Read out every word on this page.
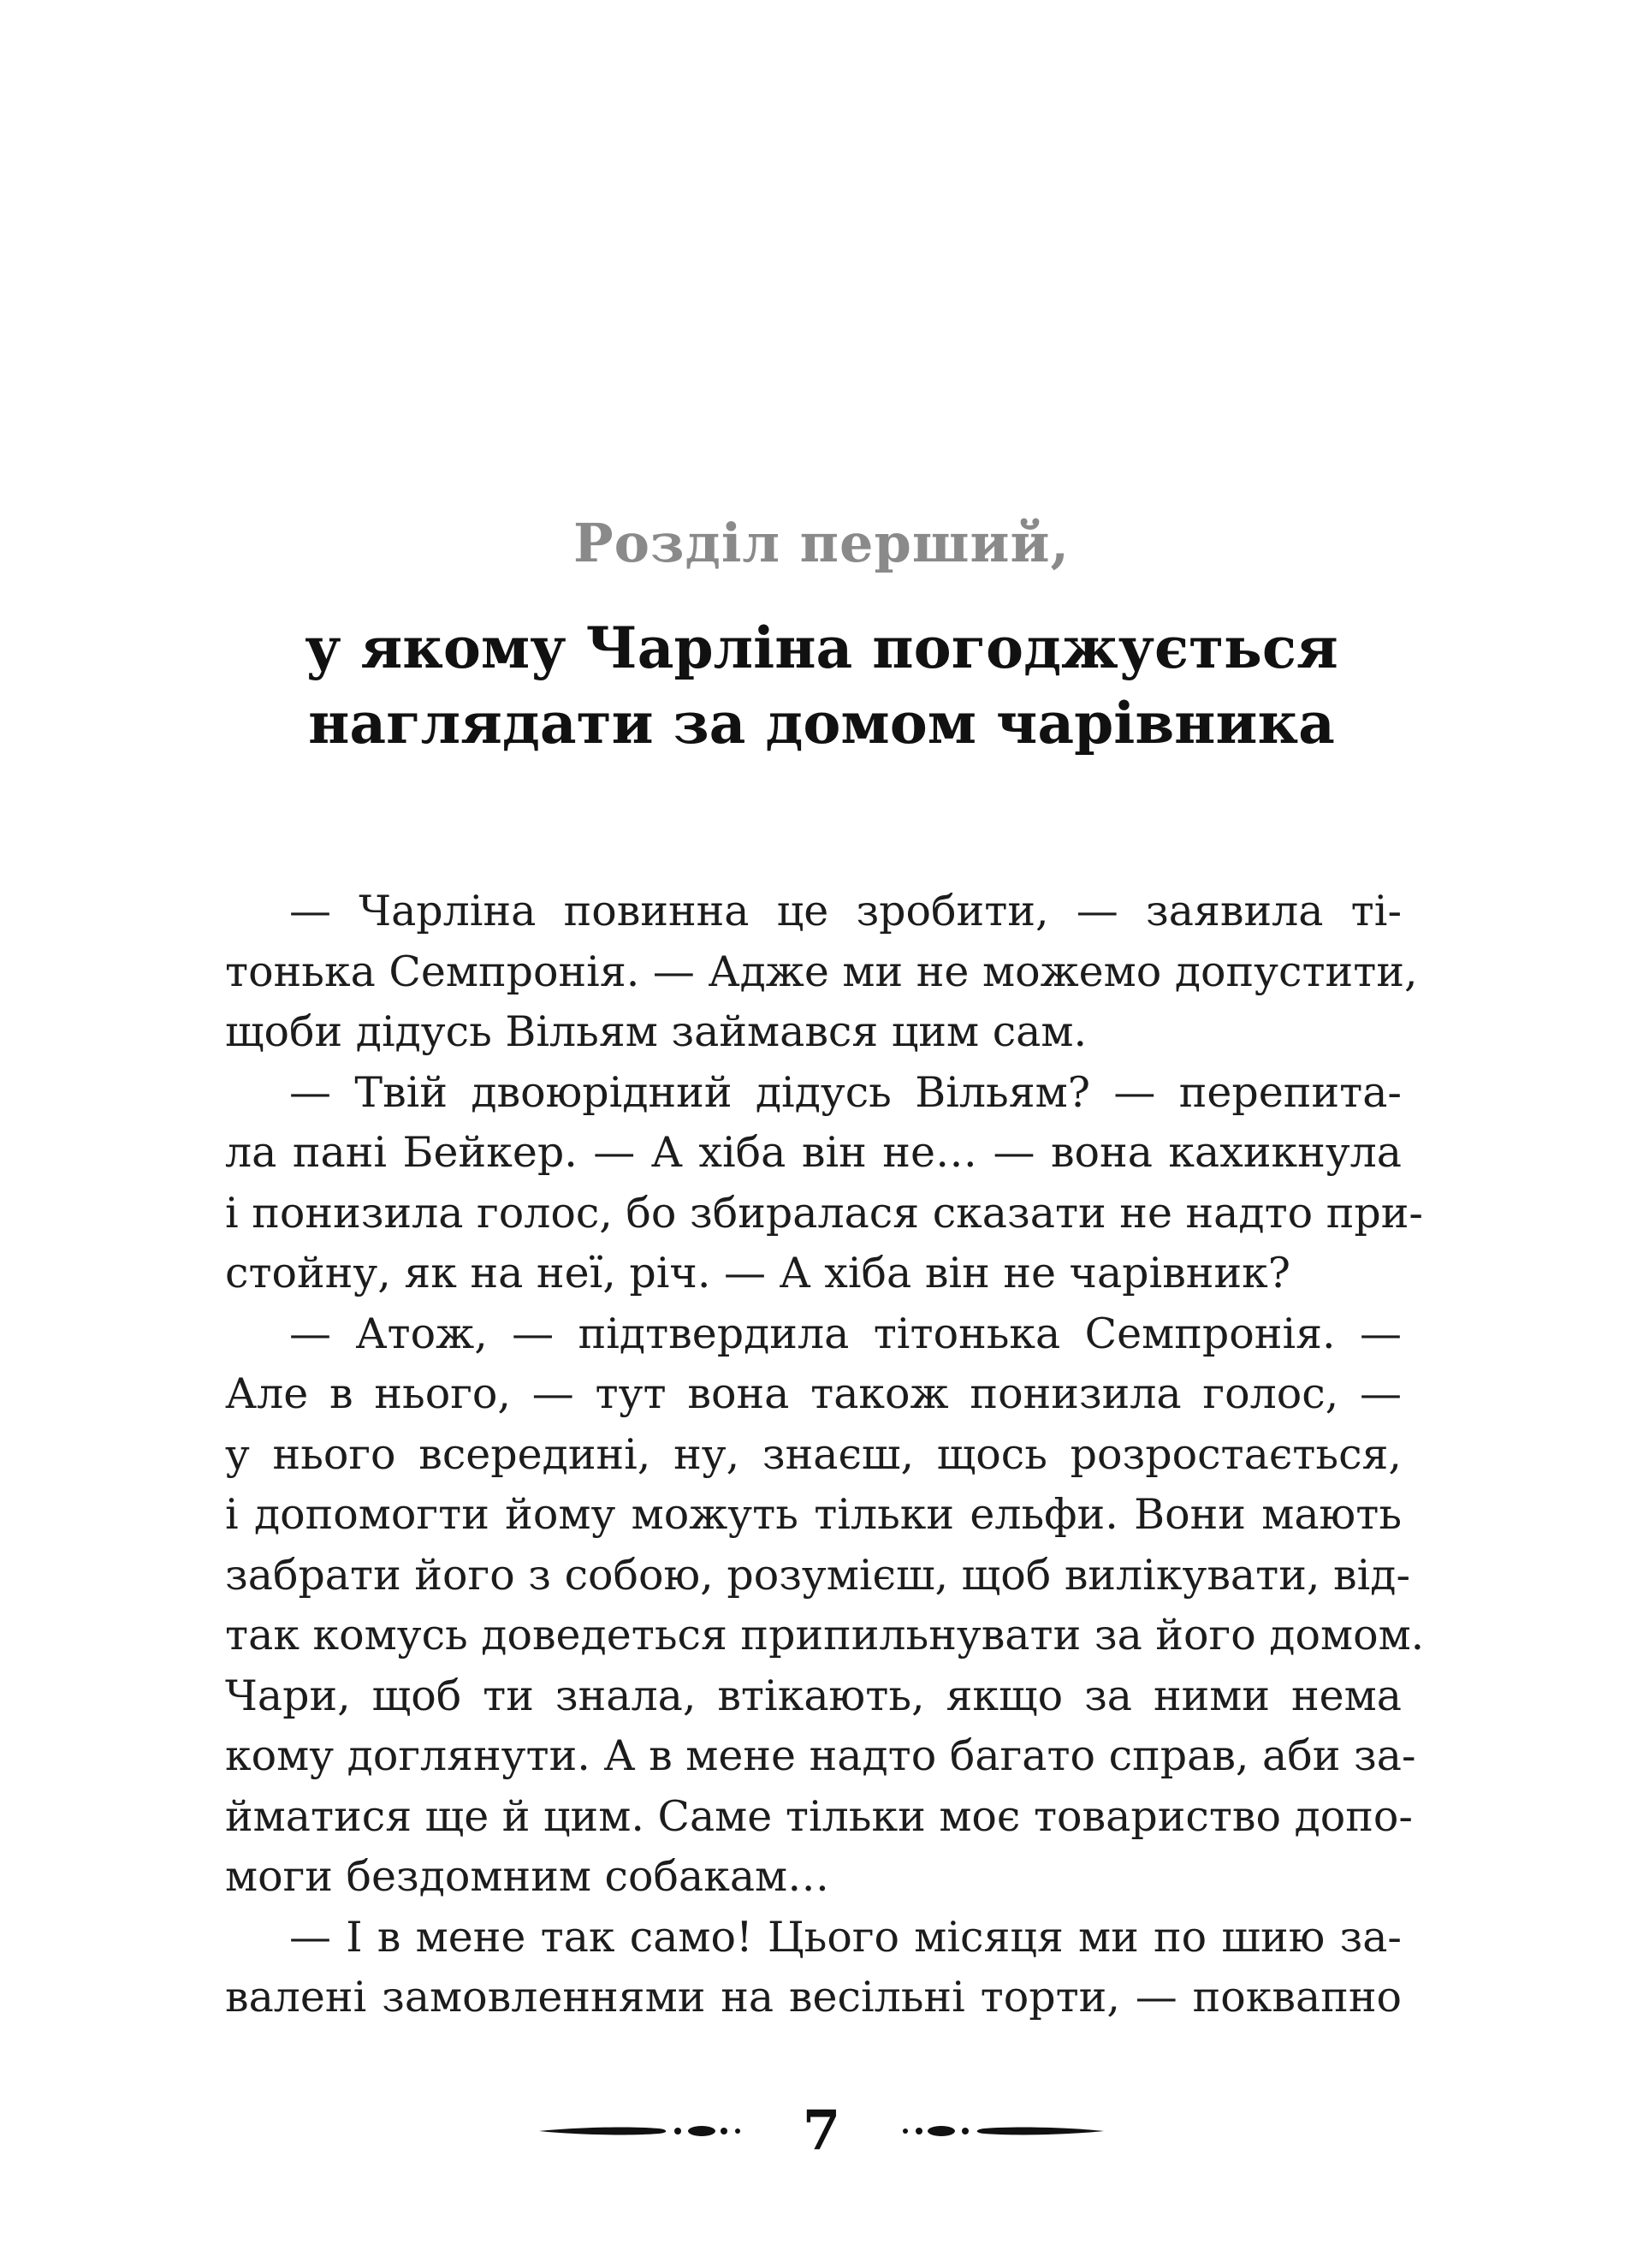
Розділ перший,
у якому Чарліна погоджується
наглядати за домом чарівника
— Чарліна повинна це зробити, — заявила ті-
тонька Семпронія. — Адже ми не можемо допустити,
щоби дідусь Вільям займався цим сам.
— Твій двоюрідний дідусь Вільям? — перепита-
ла пані Бейкер. — А хіба він не… — вона кахикнула
і понизила голос, бо збиралася сказати не надто при-
стойну, як на неї, річ. — А хіба він не чарівник?
— Атож, — підтвердила тітонька Семпронія. —
Але в нього, — тут вона також понизила голос, —
у нього всередині, ну, знаєш, щось розростається,
і допомогти йому можуть тільки ельфи. Вони мають
забрати його з собою, розумієш, щоб вилікувати, від-
так комусь доведеться припильнувати за його домом.
Чари, щоб ти знала, втікають, якщо за ними нема
кому доглянути. А в мене надто багато справ, аби за-
йматися ще й цим. Саме тільки моє товариство допо-
моги бездомним собакам…
— І в мене так само! Цього місяця ми по шию за-
валені замовленнями на весільні торти, — поквапно
7
